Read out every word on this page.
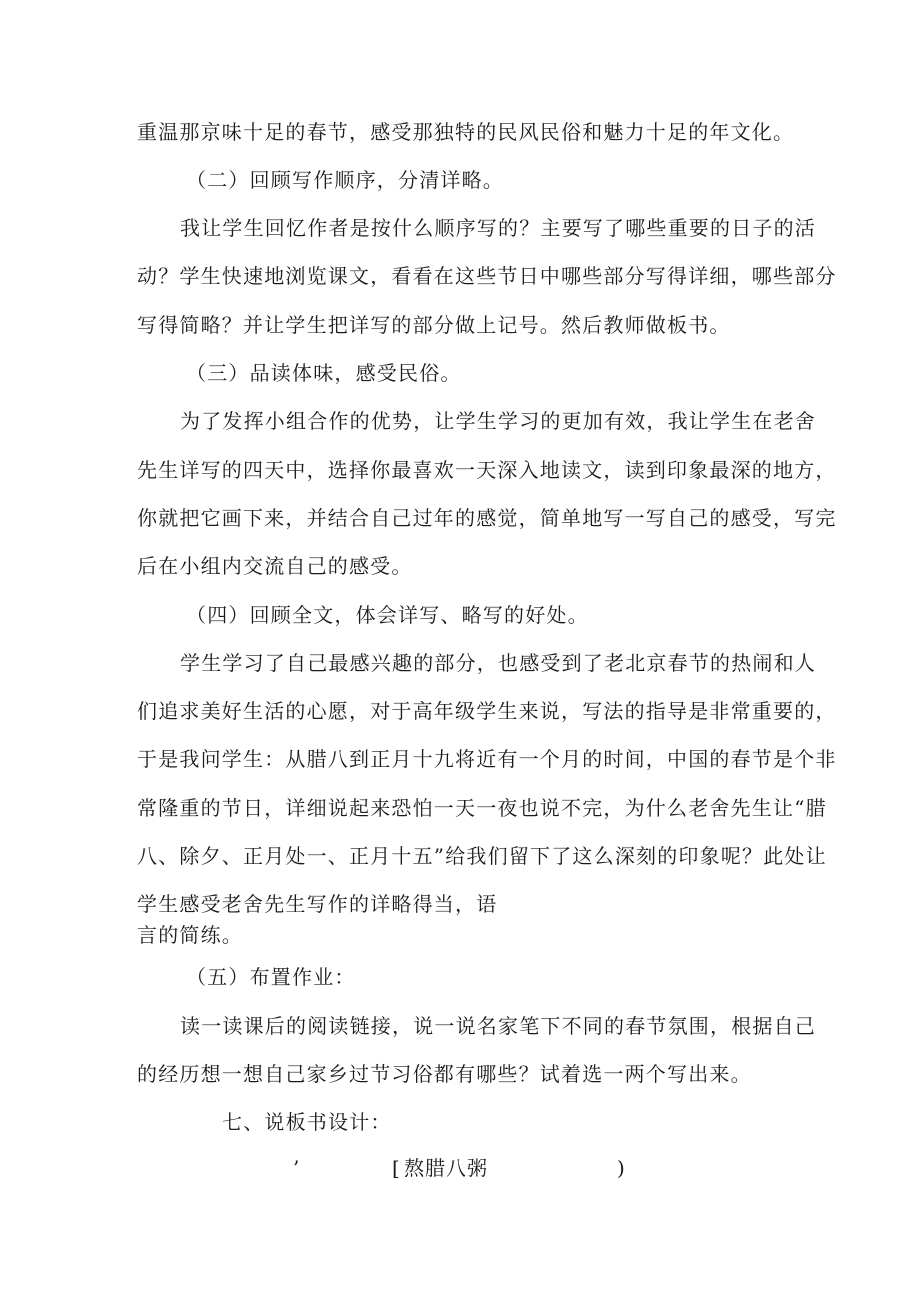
重温那京味十足的春节，感受那独特的民风民俗和魅力十足的年文化。
（二）回顾写作顺序，分清详略。
我让学生回忆作者是按什么顺序写的？主要写了哪些重要的日子的活
动？学生快速地浏览课文，看看在这些节日中哪些部分写得详细，哪些部分
写得简略？并让学生把详写的部分做上记号。然后教师做板书。
（三）品读体味，感受民俗。
为了发挥小组合作的优势，让学生学习的更加有效，我让学生在老舍
先生详写的四天中，选择你最喜欢一天深入地读文，读到印象最深的地方，
你就把它画下来，并结合自己过年的感觉，简单地写一写自己的感受，写完
后在小组内交流自己的感受。
（四）回顾全文，体会详写、略写的好处。
学生学习了自己最感兴趣的部分，也感受到了老北京春节的热闹和人
们追求美好生活的心愿，对于高年级学生来说，写法的指导是非常重要的，
于是我问学生：从腊八到正月十九将近有一个月的时间，中国的春节是个非
常隆重的节日，详细说起来恐怕一天一夜也说不完，为什么老舍先生让“腊
八、除夕、正月处一、正月十五”给我们留下了这么深刻的印象呢？此处让
学生感受老舍先生写作的详略得当，语
言的简练。
（五）布置作业：
读一读课后的阅读链接，说一说名家笔下不同的春节氛围，根据自己
的经历想一想自己家乡过节习俗都有哪些？试着选一两个写出来。
七、说板书设计：
’	[ 熬腊八粥	)
